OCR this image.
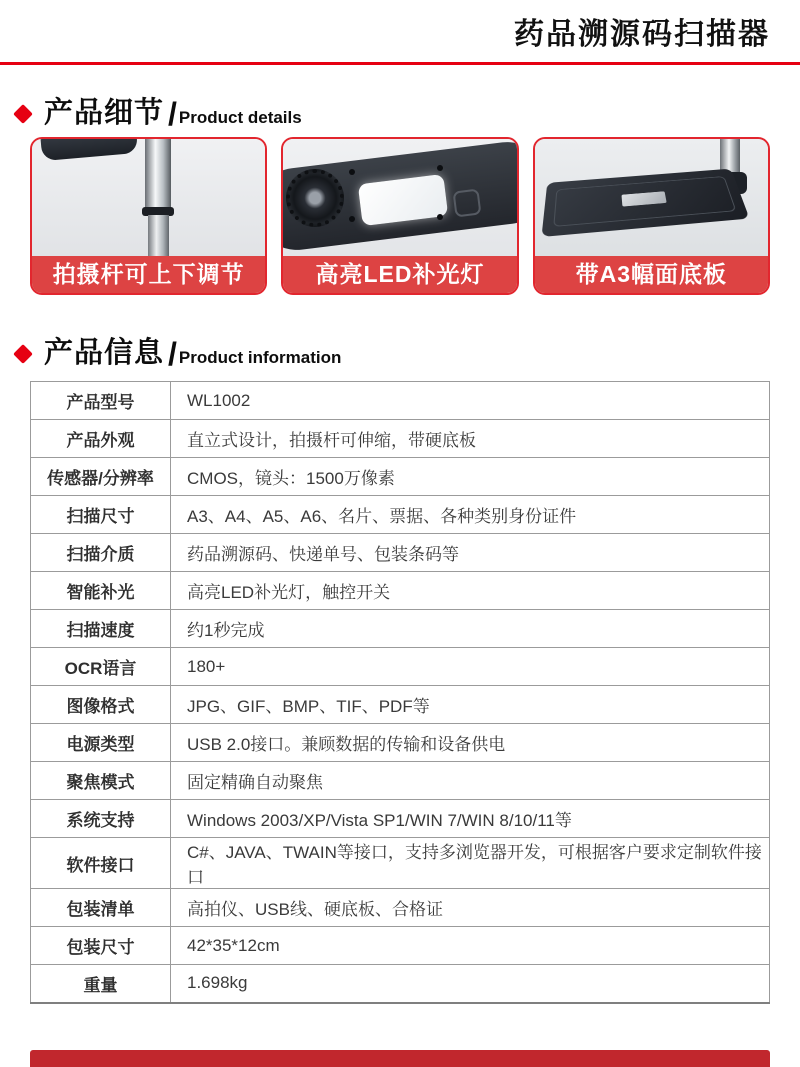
药品溯源码扫描器
产品细节 / Product details
拍摄杆可上下调节	高亮LED补光灯	带A3幅面底板
产品信息 / Product information
产品型号	WL1002
产品外观	直立式设计，拍摄杆可伸缩，带硬底板
传感器/分辨率	CMOS，镜头：1500万像素
扫描尺寸	A3、A4、A5、A6、名片、票据、各种类别身份证件
扫描介质	药品溯源码、快递单号、包装条码等
智能补光	高亮LED补光灯，触控开关
扫描速度	约1秒完成
OCR语言	180+
图像格式	JPG、GIF、BMP、TIF、PDF等
电源类型	USB 2.0接口。兼顾数据的传输和设备供电
聚焦模式	固定精确自动聚焦
系统支持	Windows 2003/XP/Vista SP1/WIN 7/WIN 8/10/11等
软件接口	C#、JAVA、TWAIN等接口，支持多浏览器开发，可根据客户要求定制软件接口
包装清单	高拍仪、USB线、硬底板、合格证
包装尺寸	42*35*12cm
重量	1.698kg
